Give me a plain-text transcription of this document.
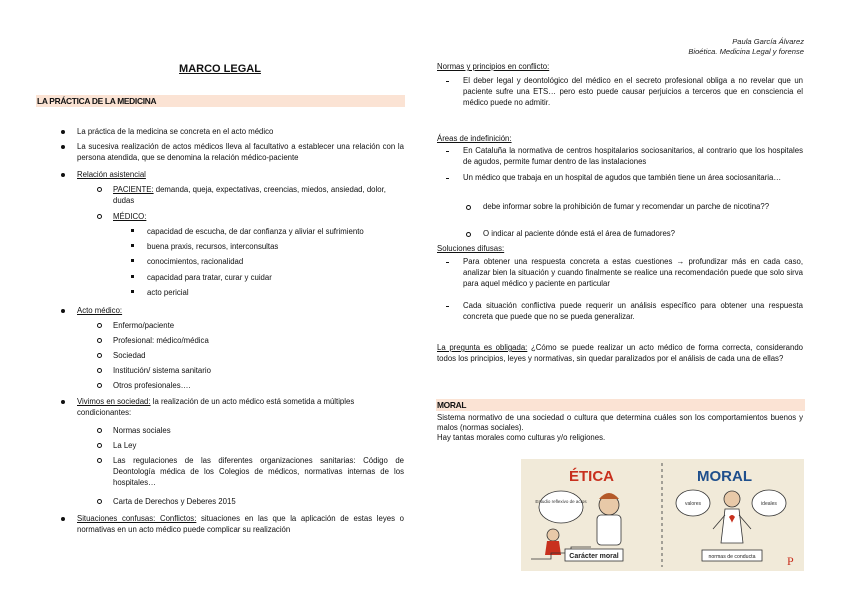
Paula García Álvarez
Bioética. Medicina Legal y forense
MARCO LEGAL
LA PRÁCTICA DE LA MEDICINA
La práctica de la medicina se concreta en el acto médico
La sucesiva realización de actos médicos lleva al facultativo a establecer una relación con la persona atendida, que se denomina la relación médico-paciente
Relación asistencial
PACIENTE: demanda, queja, expectativas, creencias, miedos, ansiedad, dolor, dudas
MÉDICO:
capacidad de escucha, de dar confianza y aliviar el sufrimiento
buena praxis, recursos, interconsultas
conocimientos, racionalidad
capacidad para tratar, curar y cuidar
acto pericial
Acto médico:
Enfermo/paciente
Profesional: médico/médica
Sociedad
Institución/ sistema sanitario
Otros profesionales….
Vivimos en sociedad: la realización de un acto médico está sometida a múltiples condicionantes:
Normas sociales
La Ley
Las regulaciones de las diferentes organizaciones sanitarias: Código de Deontología médica de los Colegios de médicos, normativas internas de los hospitales…
Carta de Derechos y Deberes 2015
Situaciones confusas: Conflictos: situaciones en las que la aplicación de estas leyes o normativas en un acto médico puede complicar su realización
Normas y principios en conflicto:
El deber legal y deontológico del médico en el secreto profesional obliga a no revelar que un paciente sufre una ETS… pero esto puede causar perjuicios a terceros que en consciencia el médico puede no admitir.
Áreas de indefinición:
En Cataluña la normativa de centros hospitalarios sociosanitarios, al contrario que los hospitales de agudos, permite fumar dentro de las instalaciones
Un médico que trabaja en un hospital de agudos que también tiene un área sociosanitaria…
debe informar sobre la prohibición de fumar y recomendar un parche de nicotina??
O indicar al paciente dónde está el área de fumadores?
Soluciones difusas:
Para obtener una respuesta concreta a estas cuestiones → profundizar más en cada caso, analizar bien la situación y cuando finalmente se realice una recomendación puede que solo sirva para aquel médico y paciente en particular
Cada situación conflictiva puede requerir un análisis específico para obtener una respuesta concreta que puede que no se pueda generalizar.
La pregunta es obligada: ¿Cómo se puede realizar un acto médico de forma correcta, considerando todos los principios, leyes y normativas, sin quedar paralizados por el análisis de cada una de ellas?
MORAL
Sistema normativo de una sociedad o cultura que determina cuáles son los comportamientos buenos y malos (normas sociales).
Hay tantas morales como culturas y/o religiones.
ÉTICA	MORAL
Estudio reflexivo de actos
Carácter moral
valores	ideales
normas de conducta	P
